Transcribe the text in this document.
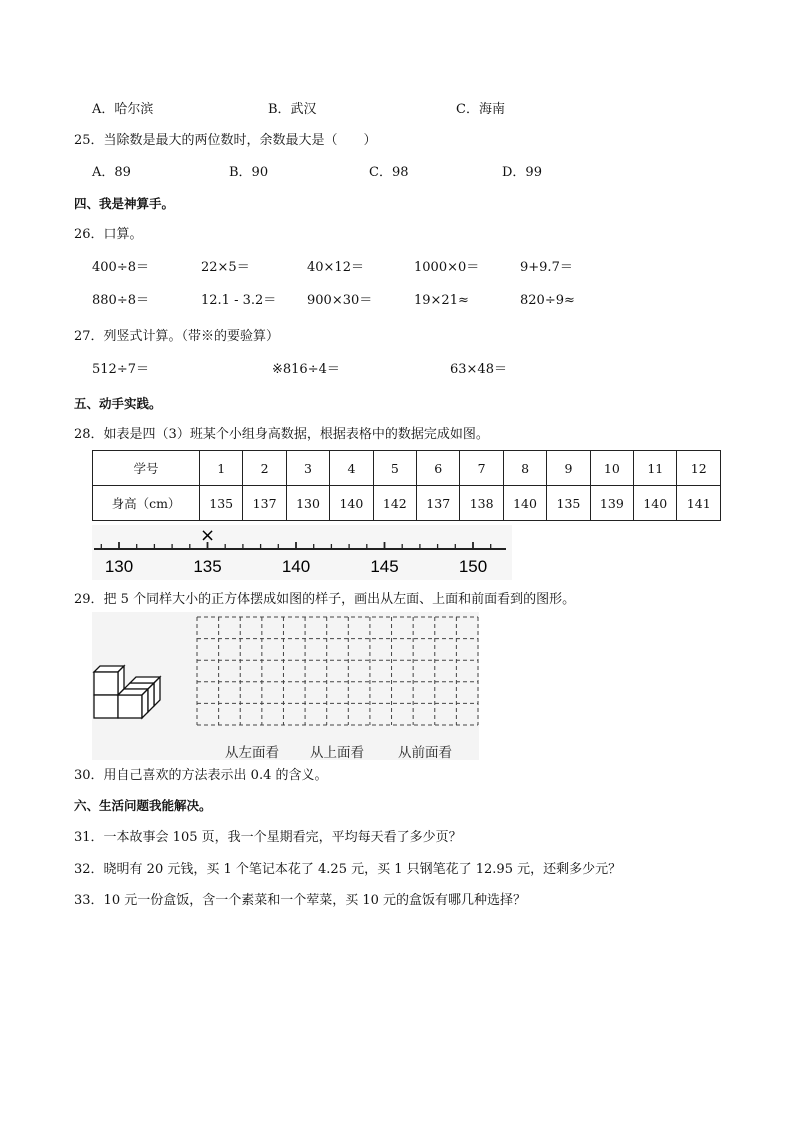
A．哈尔滨	B．武汉	C．海南
25．当除数是最大的两位数时，余数最大是（　　）
A．89	B．90	C．98	D．99
四、我是神算手。
26．口算。
400÷8＝	22×5＝	40×12＝	1000×0＝	9+9.7＝
880÷8＝	12.1 - 3.2＝ 900×30＝	19×21≈	820÷9≈
27．列竖式计算。（带※的要验算）
512÷7＝	※816÷4＝	63×48＝
五、动手实践。
28．如表是四（3）班某个小组身高数据，根据表格中的数据完成如图。
学号	1	2	3	4	5	6	7	8	9	10	11	12
身高（cm）	135	137	130	140	142	137	138	140	135	139	140	141
130	135	140	145	150
×
29．把 5 个同样大小的正方体摆成如图的样子，画出从左面、上面和前面看到的图形。
从左面看 从上面看	从前面看
30．用自己喜欢的方法表示出 0.4 的含义。
六、生活问题我能解决。
31．一本故事会 105 页，我一个星期看完，平均每天看了多少页？
32．晓明有 20 元钱，买 1 个笔记本花了 4.25 元，买 1 只钢笔花了 12.95 元，还剩多少元？
33．10 元一份盒饭，含一个素菜和一个荤菜，买 10 元的盒饭有哪几种选择？
